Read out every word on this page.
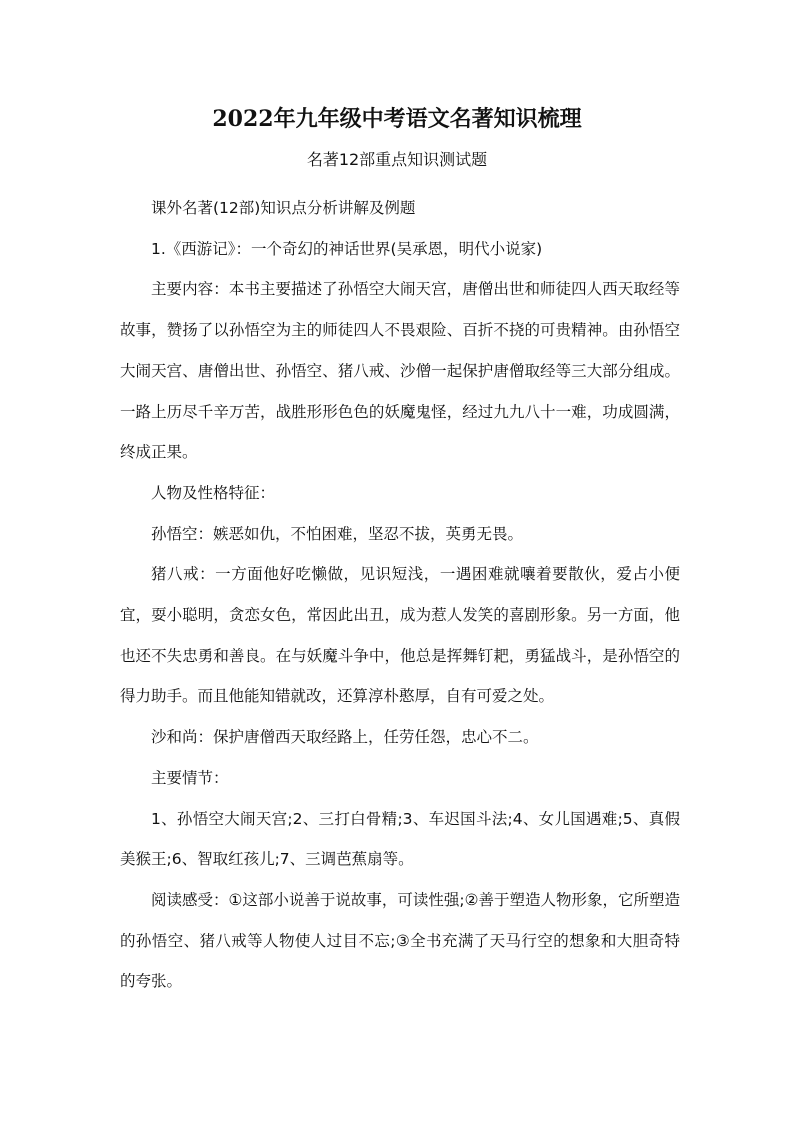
2022年九年级中考语文名著知识梳理
名著12部重点知识测试题

课外名著(12部)知识点分析讲解及例题

1.《西游记》：一个奇幻的神话世界(吴承恩，明代小说家)

主要内容：本书主要描述了孙悟空大闹天宫，唐僧出世和师徒四人西天取经等故事，赞扬了以孙悟空为主的师徒四人不畏艰险、百折不挠的可贵精神。由孙悟空大闹天宫、唐僧出世、孙悟空、猪八戒、沙僧一起保护唐僧取经等三大部分组成。一路上历尽千辛万苦，战胜形形色色的妖魔鬼怪，经过九九八十一难，功成圆满，终成正果。

人物及性格特征：

孙悟空：嫉恶如仇，不怕困难，坚忍不拔，英勇无畏。

猪八戒：一方面他好吃懒做，见识短浅，一遇困难就嚷着要散伙，爱占小便宜，耍小聪明，贪恋女色，常因此出丑，成为惹人发笑的喜剧形象。另一方面，他也还不失忠勇和善良。在与妖魔斗争中，他总是挥舞钉耙，勇猛战斗，是孙悟空的得力助手。而且他能知错就改，还算淳朴憨厚，自有可爱之处。

沙和尚：保护唐僧西天取经路上，任劳任怨，忠心不二。

主要情节：

1、孙悟空大闹天宫;2、三打白骨精;3、车迟国斗法;4、女儿国遇难;5、真假美猴王;6、智取红孩儿;7、三调芭蕉扇等。

阅读感受：①这部小说善于说故事，可读性强;②善于塑造人物形象，它所塑造的孙悟空、猪八戒等人物使人过目不忘;③全书充满了天马行空的想象和大胆奇特的夸张。
